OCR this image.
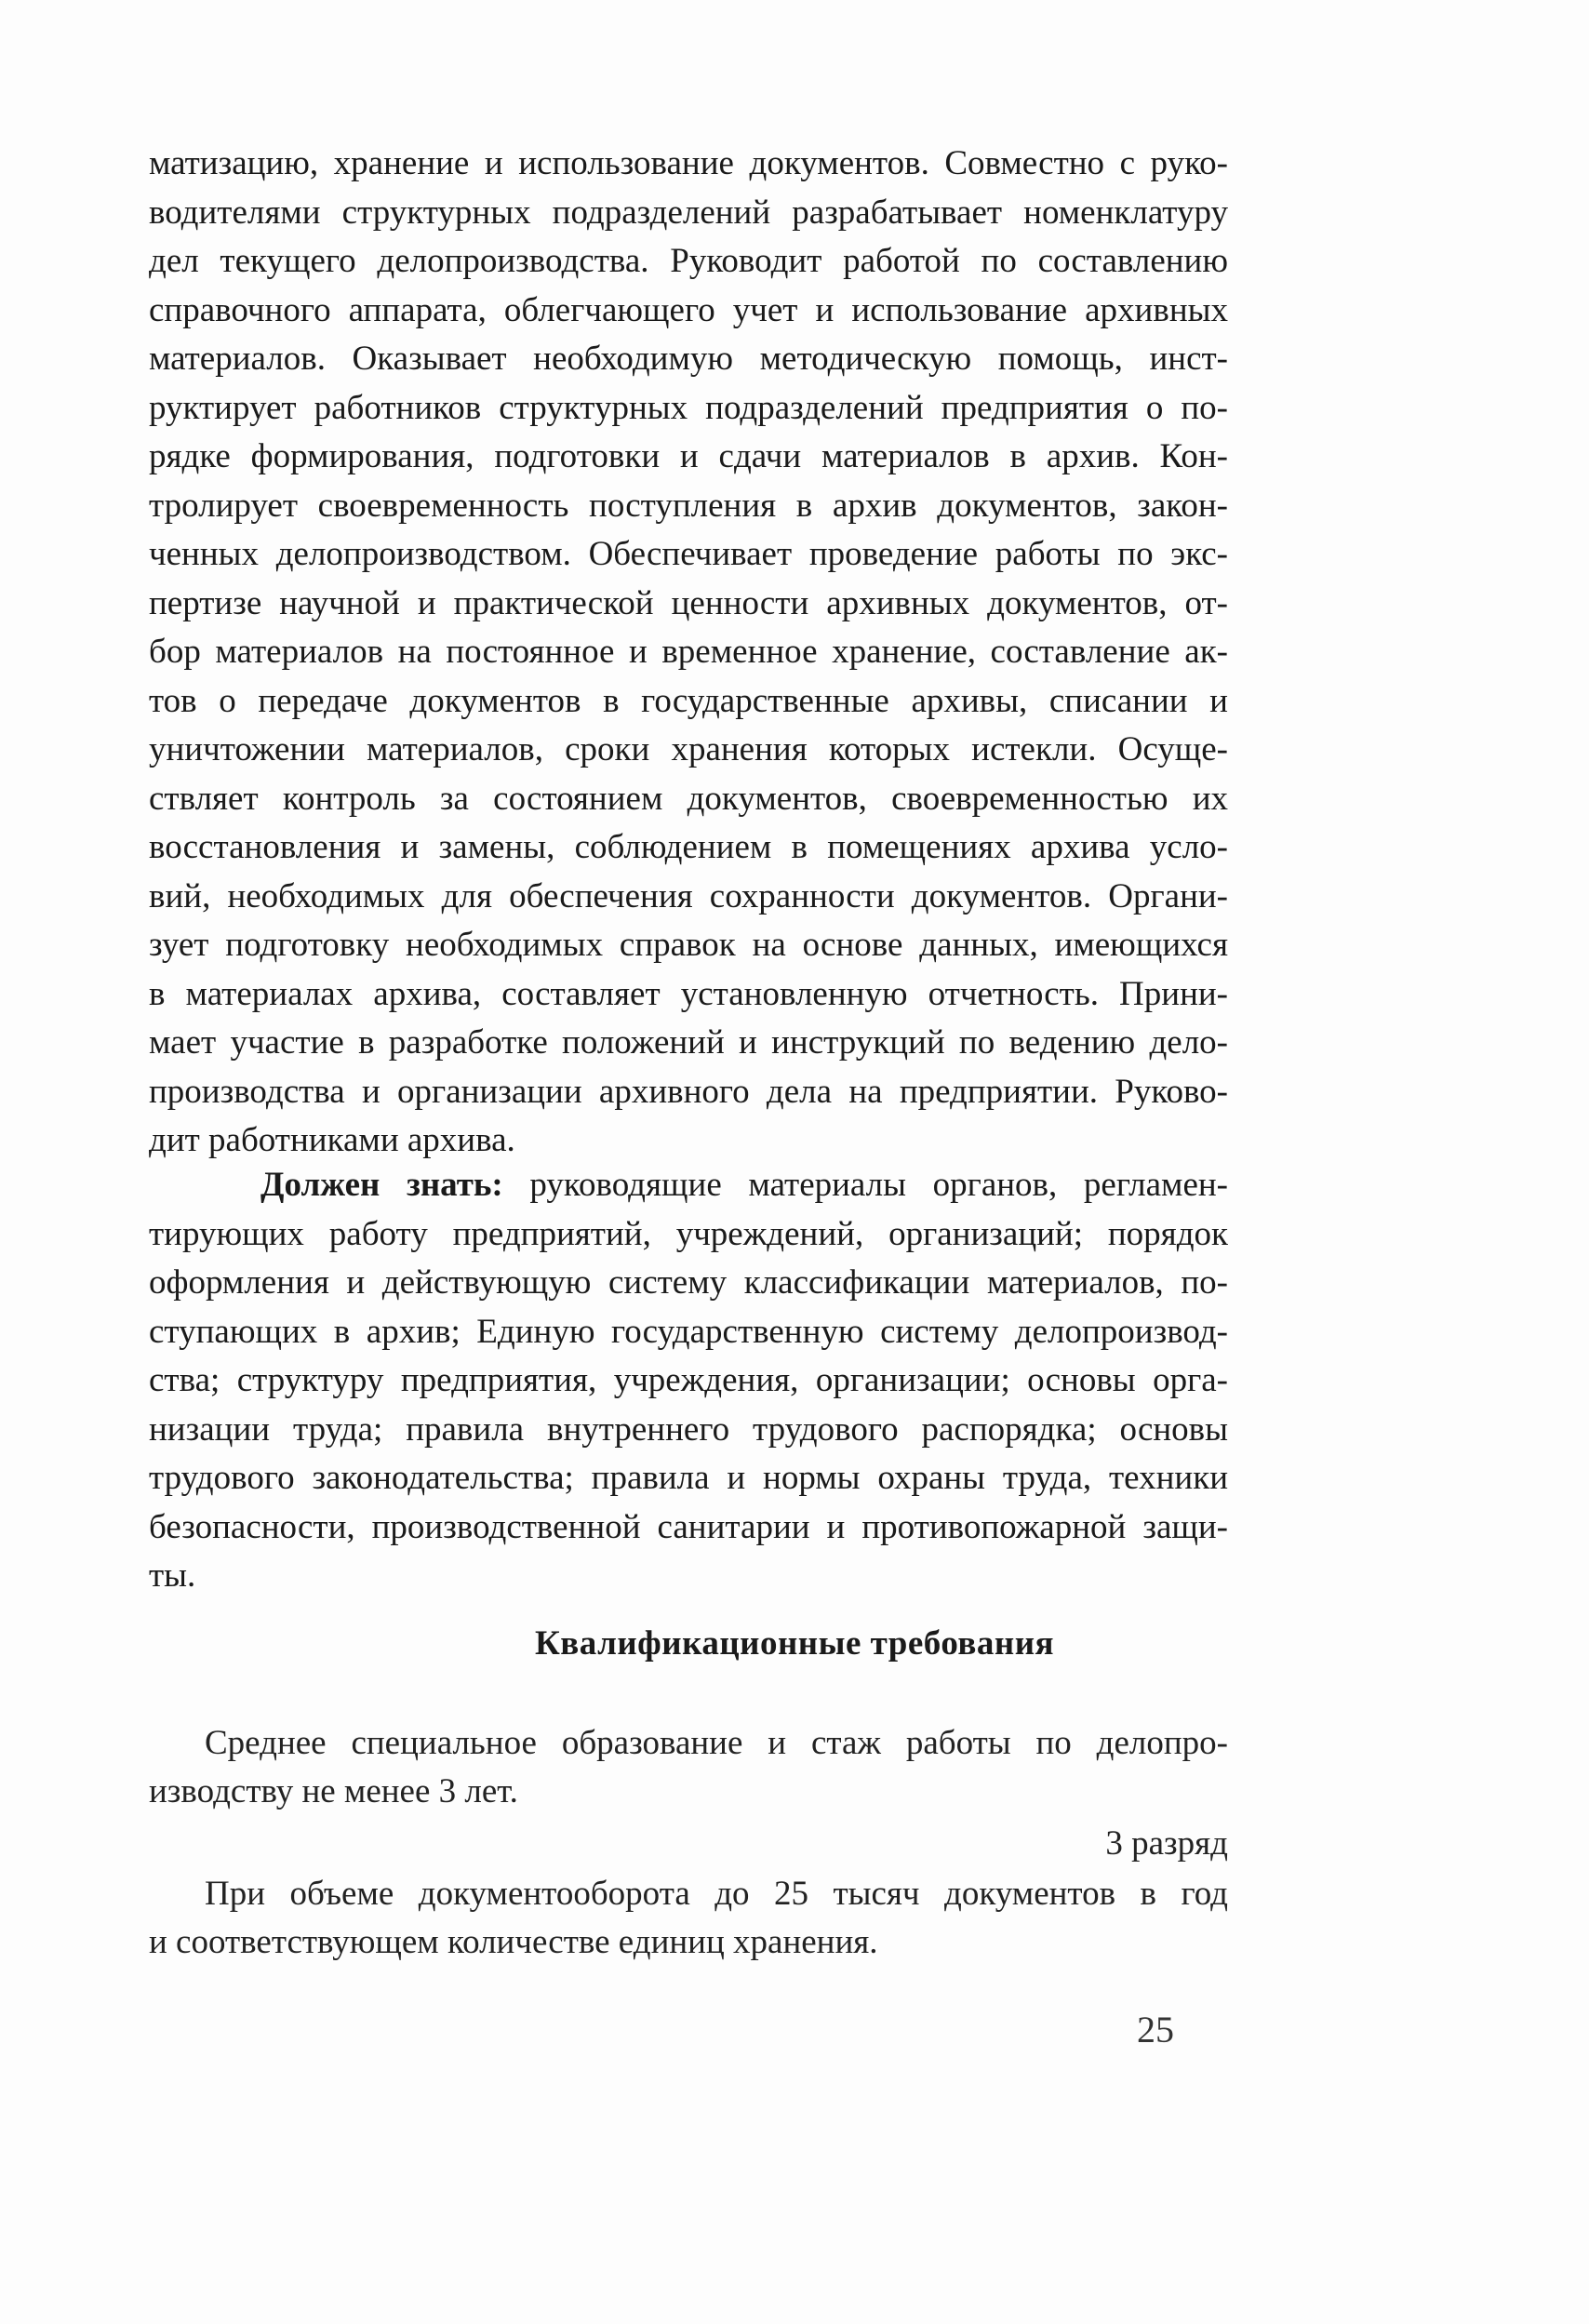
матизацию, хранение и использование документов. Совместно с руко-
водителями структурных подразделений разрабатывает номенклатуру
дел текущего делопроизводства. Руководит работой по составлению
справочного аппарата, облегчающего учет и использование архивных
материалов. Оказывает необходимую методическую помощь, инст-
руктирует работников структурных подразделений предприятия о по-
рядке формирования, подготовки и сдачи материалов в архив. Кон-
тролирует своевременность поступления в архив документов, закон-
ченных делопроизводством. Обеспечивает проведение работы по экс-
пертизе научной и практической ценности архивных документов, от-
бор материалов на постоянное и временное хранение, составление ак-
тов о передаче документов в государственные архивы, списании и
уничтожении материалов, сроки хранения которых истекли. Осуще-
ствляет контроль за состоянием документов, своевременностью их
восстановления и замены, соблюдением в помещениях архива усло-
вий, необходимых для обеспечения сохранности документов. Органи-
зует подготовку необходимых справок на основе данных, имеющихся
в материалах архива, составляет установленную отчетность. Прини-
мает участие в разработке положений и инструкций по ведению дело-
производства и организации архивного дела на предприятии. Руково-
дит работниками архива.
Должен знать: руководящие материалы органов, регламен-
тирующих работу предприятий, учреждений, организаций; порядок
оформления и действующую систему классификации материалов, по-
ступающих в архив; Единую государственную систему делопроизвод-
ства; структуру предприятия, учреждения, организации; основы орга-
низации труда; правила внутреннего трудового распорядка; основы
трудового законодательства; правила и нормы охраны труда, техники
безопасности, производственной санитарии и противопожарной защи-
ты.
Квалификационные требования
Среднее специальное образование и стаж работы по делопро-
изводству не менее 3 лет.
3 разряд
При объеме документооборота до 25 тысяч документов в год
и соответствующем количестве единиц хранения.
25
